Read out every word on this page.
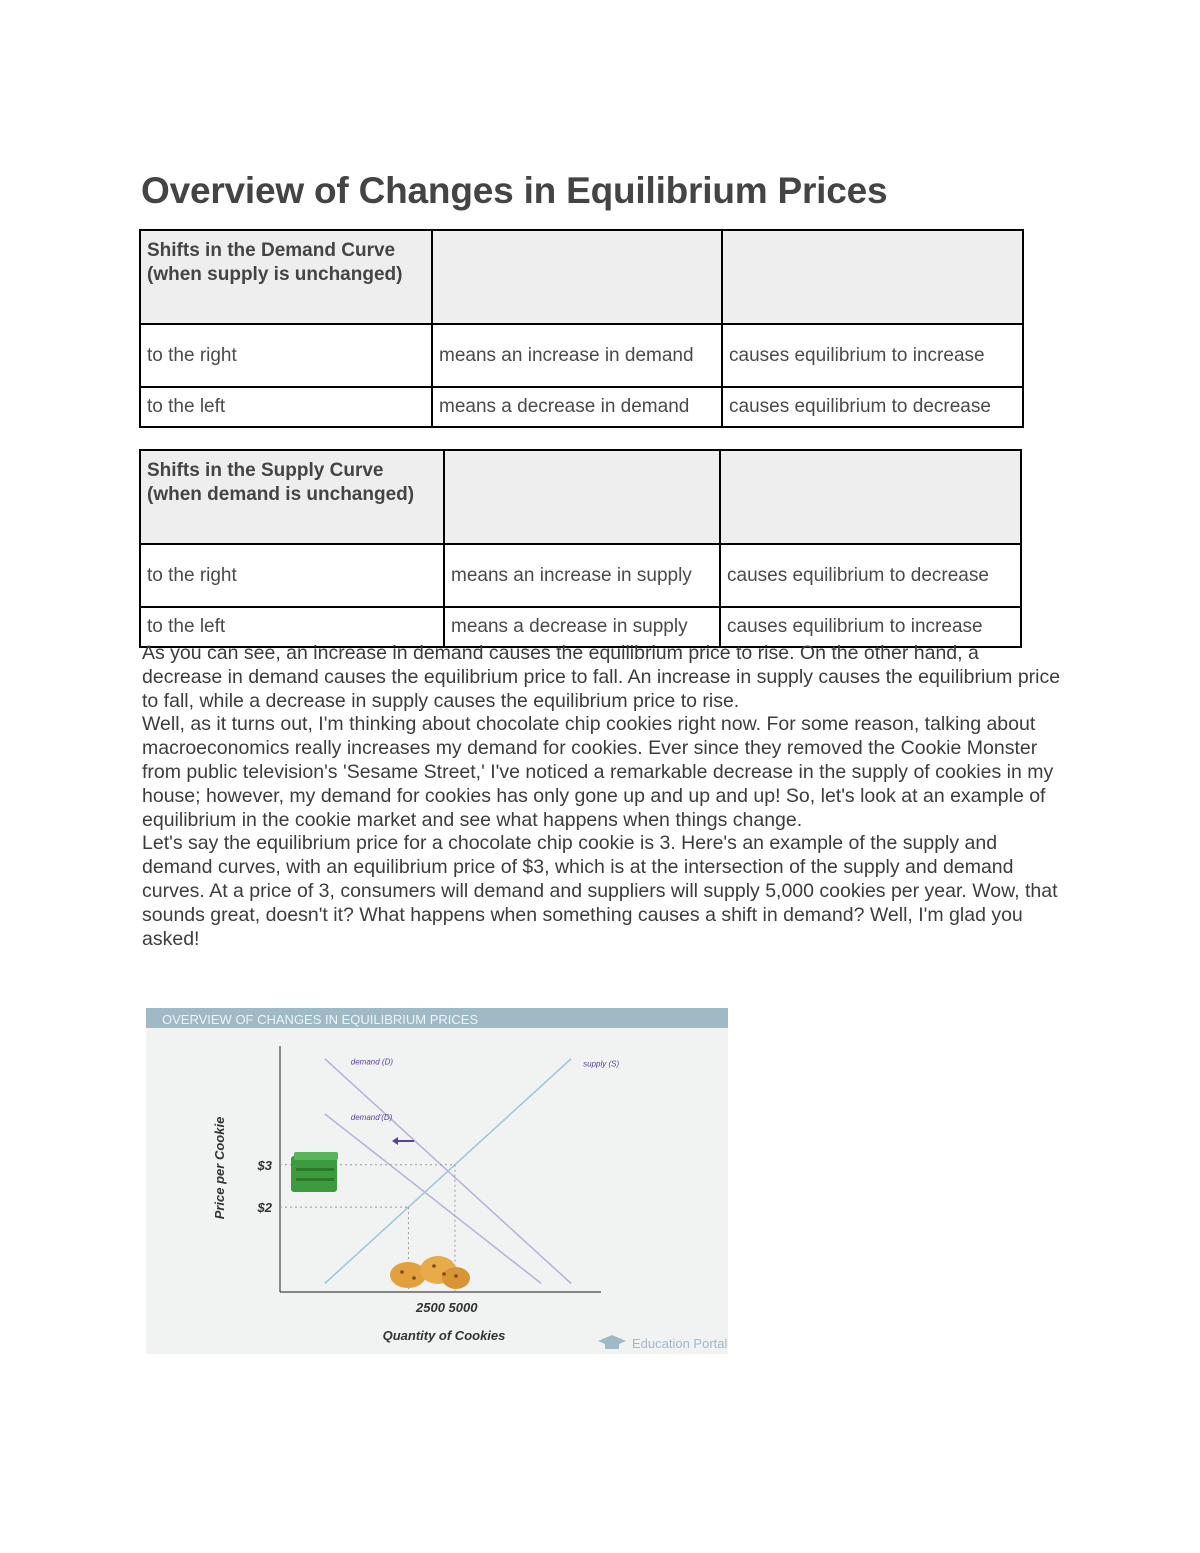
Overview of Changes in Equilibrium Prices
Shifts in the Demand Curve (when supply is unchanged)		
to the right	means an increase in demand	causes equilibrium to increase
to the left	means a decrease in demand	causes equilibrium to decrease
Shifts in the Supply Curve (when demand is unchanged)		
to the right	means an increase in supply	causes equilibrium to decrease
to the left	means a decrease in supply	causes equilibrium to increase

As you can see, an increase in demand causes the equilibrium price to rise. On the other hand, a decrease in demand causes the equilibrium price to fall. An increase in supply causes the equilibrium price to fall, while a decrease in supply causes the equilibrium price to rise.

Well, as it turns out, I'm thinking about chocolate chip cookies right now. For some reason, talking about macroeconomics really increases my demand for cookies. Ever since they removed the Cookie Monster from public television's 'Sesame Street,' I've noticed a remarkable decrease in the supply of cookies in my house; however, my demand for cookies has only gone up and up and up! So, let's look at an example of equilibrium in the cookie market and see what happens when things change.

Let's say the equilibrium price for a chocolate chip cookie is 3. Here's an example of the supply and demand curves, with an equilibrium price of $3, which is at the intersection of the supply and demand curves. At a price of 3, consumers will demand and suppliers will supply 5,000 cookies per year. Wow, that sounds great, doesn't it? What happens when something causes a shift in demand? Well, I'm glad you asked!

OVERVIEW OF CHANGES IN EQUILIBRIUM PRICES
Price per Cookie
Quantity of Cookies
demand (D)
demand'(D)
supply (S)
$3
$2
2500 5000
Education Portal
